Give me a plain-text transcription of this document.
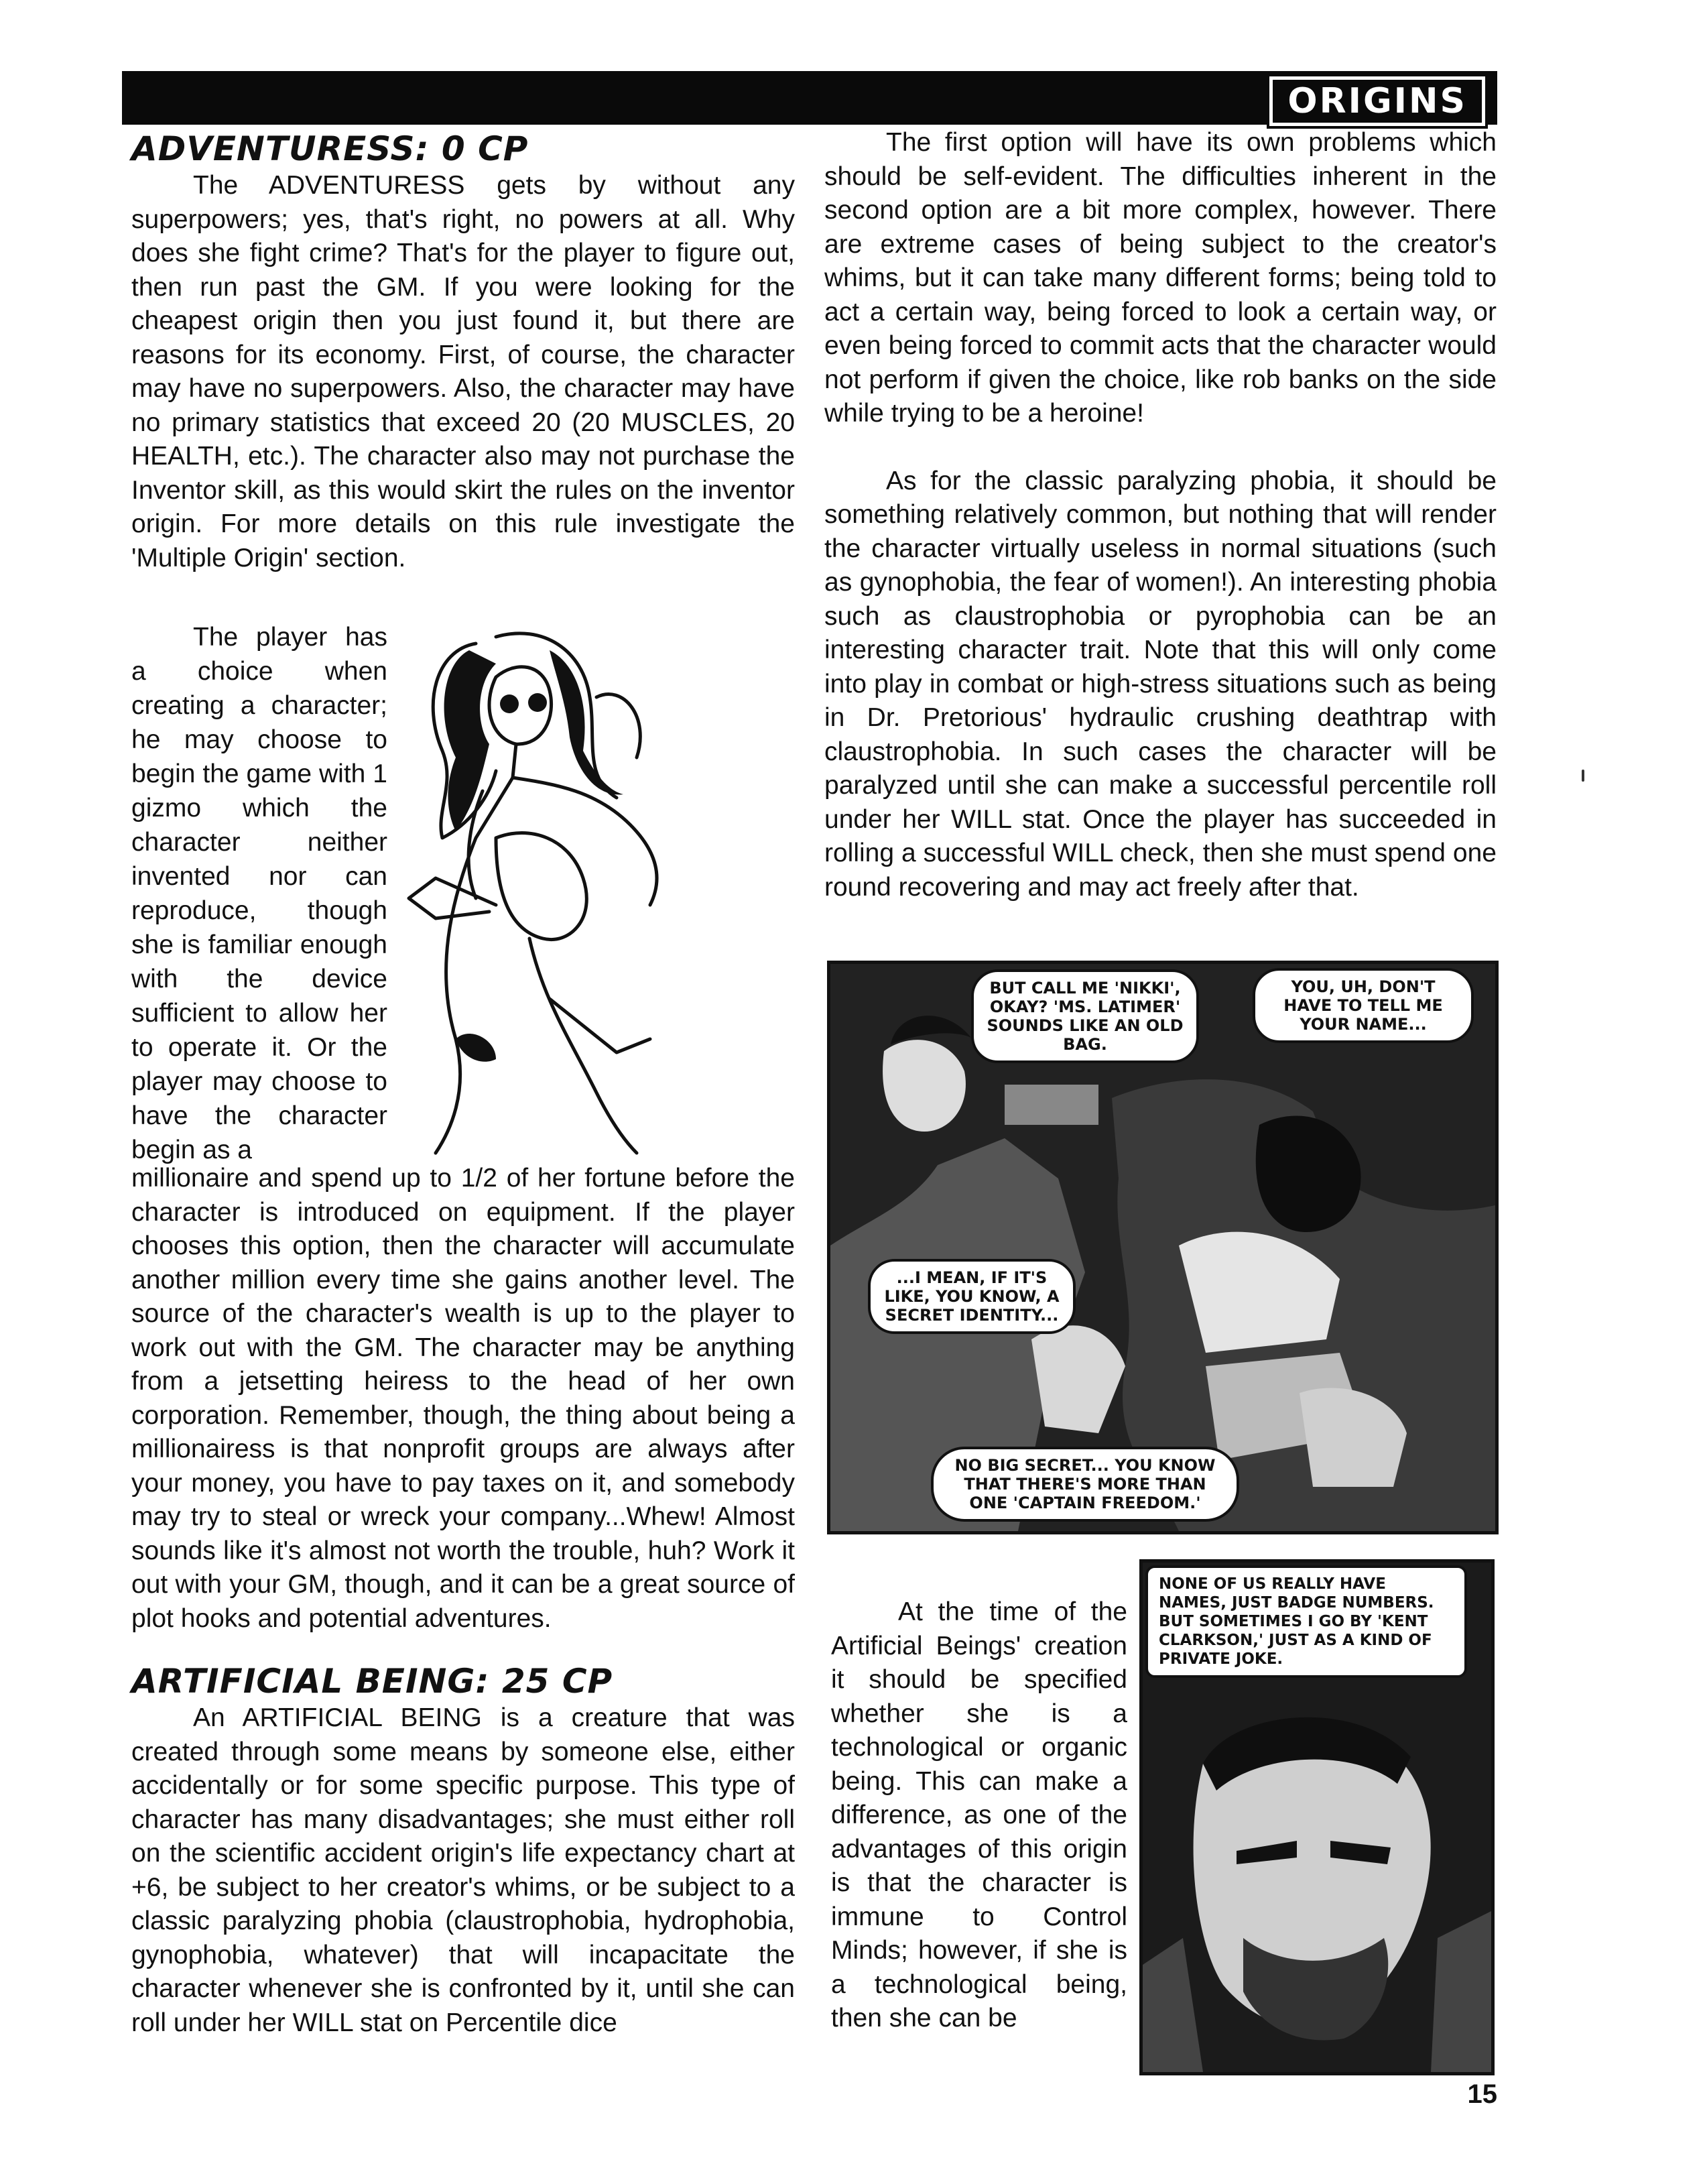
ORIGINS

ADVENTURESS: 0 CP

The ADVENTURESS gets by without any superpowers; yes, that's right, no powers at all. Why does she fight crime? That's for the player to figure out, then run past the GM. If you were looking for the cheapest origin then you just found it, but there are reasons for its economy. First, of course, the character may have no superpowers. Also, the character may have no primary statistics that exceed 20 (20 MUSCLES, 20 HEALTH, etc.). The character also may not purchase the Inventor skill, as this would skirt the rules on the inventor origin. For more details on this rule investigate the 'Multiple Origin' section.

The player has a choice when creating a character; he may choose to begin the game with 1 gizmo which the character neither invented nor can reproduce, though she is familiar enough with the device sufficient to allow her to operate it. Or the player may choose to have the character begin as a

millionaire and spend up to 1/2 of her fortune before the character is introduced on equipment. If the player chooses this option, then the character will accumulate another million every time she gains another level. The source of the character's wealth is up to the player to work out with the GM. The character may be anything from a jetsetting heiress to the head of her own corporation. Remember, though, the thing about being a millionairess is that nonprofit groups are always after your money, you have to pay taxes on it, and somebody may try to steal or wreck your company...Whew! Almost sounds like it's almost not worth the trouble, huh? Work it out with your GM, though, and it can be a great source of plot hooks and potential adventures.

ARTIFICIAL BEING: 25 CP

An ARTIFICIAL BEING is a creature that was created through some means by someone else, either accidentally or for some specific purpose. This type of character has many disadvantages; she must either roll on the scientific accident origin's life expectancy chart at +6, be subject to her creator's whims, or be subject to a classic paralyzing phobia (claustrophobia, hydrophobia, gynophobia, whatever) that will incapacitate the character whenever she is confronted by it, until she can roll under her WILL stat on Percentile dice

The first option will have its own problems which should be self-evident. The difficulties inherent in the second option are a bit more complex, however. There are extreme cases of being subject to the creator's whims, but it can take many different forms; being told to act a certain way, being forced to look a certain way, or even being forced to commit acts that the character would not perform if given the choice, like rob banks on the side while trying to be a heroine!

As for the classic paralyzing phobia, it should be something relatively common, but nothing that will render the character virtually useless in normal situations (such as gynophobia, the fear of women!). An interesting phobia such as claustrophobia or pyrophobia can be an interesting character trait. Note that this will only come into play in combat or high-stress situations such as being in Dr. Pretorious' hydraulic crushing deathtrap with claustrophobia. In such cases the character will be paralyzed until she can make a successful percentile roll under her WILL stat. Once the player has succeeded in rolling a successful WILL check, then she must spend one round recovering and may act freely after that.

BUT CALL ME 'NIKKI', OKAY? 'MS. LATIMER' SOUNDS LIKE AN OLD BAG.
YOU, UH, DON'T HAVE TO TELL ME YOUR NAME...
...I MEAN, IF IT'S LIKE, YOU KNOW, A SECRET IDENTITY...
NO BIG SECRET... YOU KNOW THAT THERE'S MORE THAN ONE 'CAPTAIN FREEDOM.'

At the time of the Artificial Beings' creation it should be specified whether she is a technological or organic being. This can make a difference, as one of the advantages of this origin is that the character is immune to Control Minds; however, if she is a technological being, then she can be

NONE OF US REALLY HAVE NAMES, JUST BADGE NUMBERS. BUT SOMETIMES I GO BY 'KENT CLARKSON,' JUST AS A KIND OF PRIVATE JOKE.
15
